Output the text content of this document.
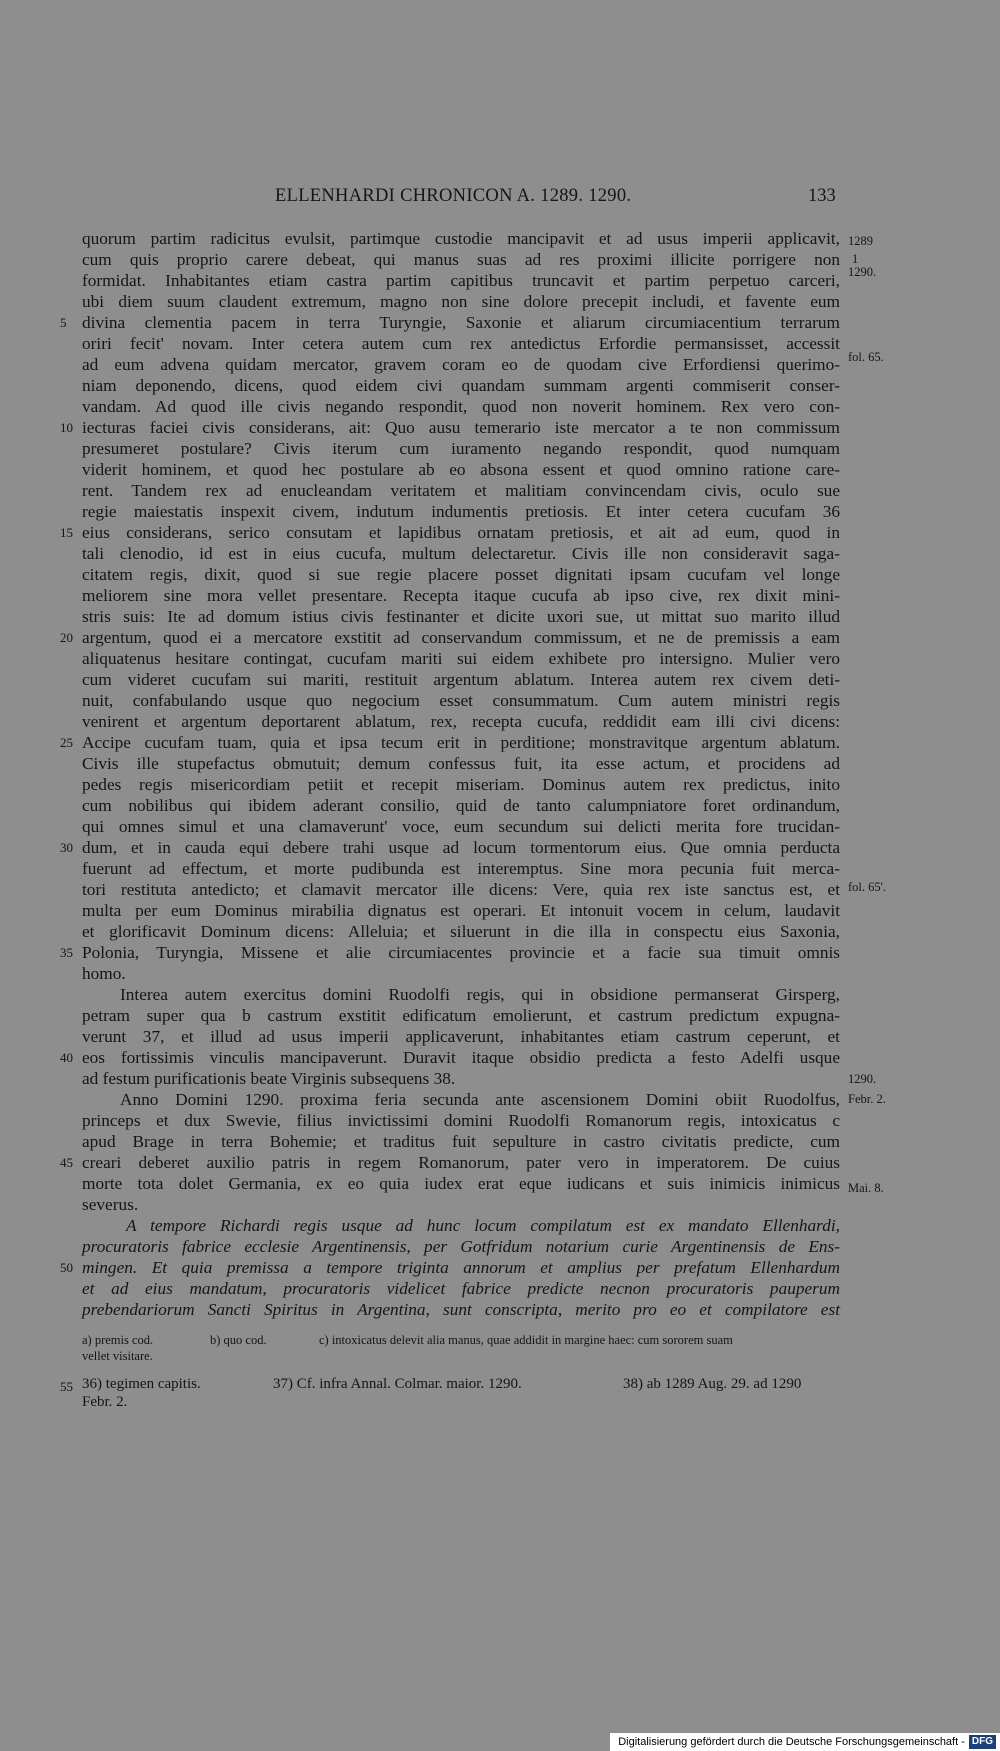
ELLENHARDI CHRONICON A. 1289. 1290.	133
quorum partim radicitus evulsit, partimque custodie mancipavit et ad usus imperii applicavit,
cum quis proprio carere debeat, qui manus suas ad res proximi illicite porrigere non
formidat. Inhabitantes etiam castra partim capitibus truncavit et partim perpetuo carceri,
ubi diem suum claudent extremum, magno non sine dolore precepit includi, et favente eum
divina clementia pacem in terra Turyngie, Saxonie et aliarum circumiacentium terrarum
oriri fecit' novam. Inter cetera autem cum rex antedictus Erfordie permansisset, accessit
ad eum advena quidam mercator, gravem coram eo de quodam cive Erfordiensi querimo-
niam deponendo, dicens, quod eidem civi quandam summam argenti commiserit conser-
vandam. Ad quod ille civis negando respondit, quod non noverit hominem. Rex vero con-
iecturas faciei civis considerans, ait: Quo ausu temerario iste mercator a te non commissum
presumeret postulare? Civis iterum cum iuramento negando respondit, quod numquam
viderit hominem, et quod hec postulare ab eo absona essent et quod omnino ratione care-
rent. Tandem rex ad enucleandam veritatem et malitiam convincendam civis, oculo sue
regie maiestatis inspexit civem, indutum indumentis pretiosis. Et inter cetera cucufam 36
eius considerans, serico consutam et lapidibus ornatam pretiosis, et ait ad eum, quod in
tali clenodio, id est in eius cucufa, multum delectaretur. Civis ille non consideravit saga-
citatem regis, dixit, quod si sue regie placere posset dignitati ipsam cucufam vel longe
meliorem sine mora vellet presentare. Recepta itaque cucufa ab ipso cive, rex dixit mini-
stris suis: Ite ad domum istius civis festinanter et dicite uxori sue, ut mittat suo marito illud
argentum, quod ei a mercatore exstitit ad conservandum commissum, et ne de premissis a eam
aliquatenus hesitare contingat, cucufam mariti sui eidem exhibete pro intersigno. Mulier vero
cum videret cucufam sui mariti, restituit argentum ablatum. Interea autem rex civem deti-
nuit, confabulando usque quo negocium esset consummatum. Cum autem ministri regis
venirent et argentum deportarent ablatum, rex, recepta cucufa, reddidit eam illi civi dicens:
Accipe cucufam tuam, quia et ipsa tecum erit in perditione; monstravitque argentum ablatum.
Civis ille stupefactus obmutuit; demum confessus fuit, ita esse actum, et procidens ad
pedes regis misericordiam petiit et recepit miseriam. Dominus autem rex predictus, inito
cum nobilibus qui ibidem aderant consilio, quid de tanto calumpniatore foret ordinandum,
qui omnes simul et una clamaverunt' voce, eum secundum sui delicti merita fore trucidan-
dum, et in cauda equi debere trahi usque ad locum tormentorum eius. Que omnia perducta
fuerunt ad effectum, et morte pudibunda est interemptus. Sine mora pecunia fuit merca-
tori restituta antedicto; et clamavit mercator ille dicens: Vere, quia rex iste sanctus est, et
multa per eum Dominus mirabilia dignatus est operari. Et intonuit vocem in celum, laudavit
et glorificavit Dominum dicens: Alleluia; et siluerunt in die illa in conspectu eius Saxonia,
Polonia, Turyngia, Missene et alie circumiacentes provincie et a facie sua timuit omnis
homo.
Interea autem exercitus domini Ruodolfi regis, qui in obsidione permanserat Girsperg,
petram super qua b castrum exstitit edificatum emolierunt, et castrum predictum expugna-
verunt 37, et illud ad usus imperii applicaverunt, inhabitantes etiam castrum ceperunt, et
eos fortissimis vinculis mancipaverunt. Duravit itaque obsidio predicta a festo Adelfi usque
ad festum purificationis beate Virginis subsequens 38.
Anno Domini 1290. proxima feria secunda ante ascensionem Domini obiit Ruodolfus,
princeps et dux Swevie, filius invictissimi domini Ruodolfi Romanorum regis, intoxicatus c
apud Brage in terra Bohemie; et traditus fuit sepulture in castro civitatis predicte, cum
creari deberet auxilio patris in regem Romanorum, pater vero in imperatorem. De cuius
morte tota dolet Germania, ex eo quia iudex erat eque iudicans et suis inimicis inimicus
severus.
A tempore Richardi regis usque ad hunc locum compilatum est ex mandato Ellenhardi,
procuratoris fabrice ecclesie Argentinensis, per Gotfridum notarium curie Argentinensis de Ens-
mingen. Et quia premissa a tempore triginta annorum et amplius per prefatum Ellenhardum
et ad eius mandatum, procuratoris videlicet fabrice predicte necnon procuratoris pauperum
prebendariorum Sancti Spiritus in Argentina, sunt conscripta, merito pro eo et compilatore est
5
10
15
20
25
30
35
40
45
50
55
1289
1
1290.
fol. 65.
fol. 65'.
1290.
Febr. 2.
Mai. 8.
a) premis cod.	b) quo cod.	c) intoxicatus delevit alia manus, quae addidit in margine haec: cum sororem suam
vellet visitare.
36) tegimen capitis.
Febr. 2.
37) Cf. infra Annal. Colmar. maior. 1290.	38) ab 1289 Aug. 29. ad 1290
Digitalisierung gefördert durch die Deutsche Forschungsgemeinschaft - DFG
